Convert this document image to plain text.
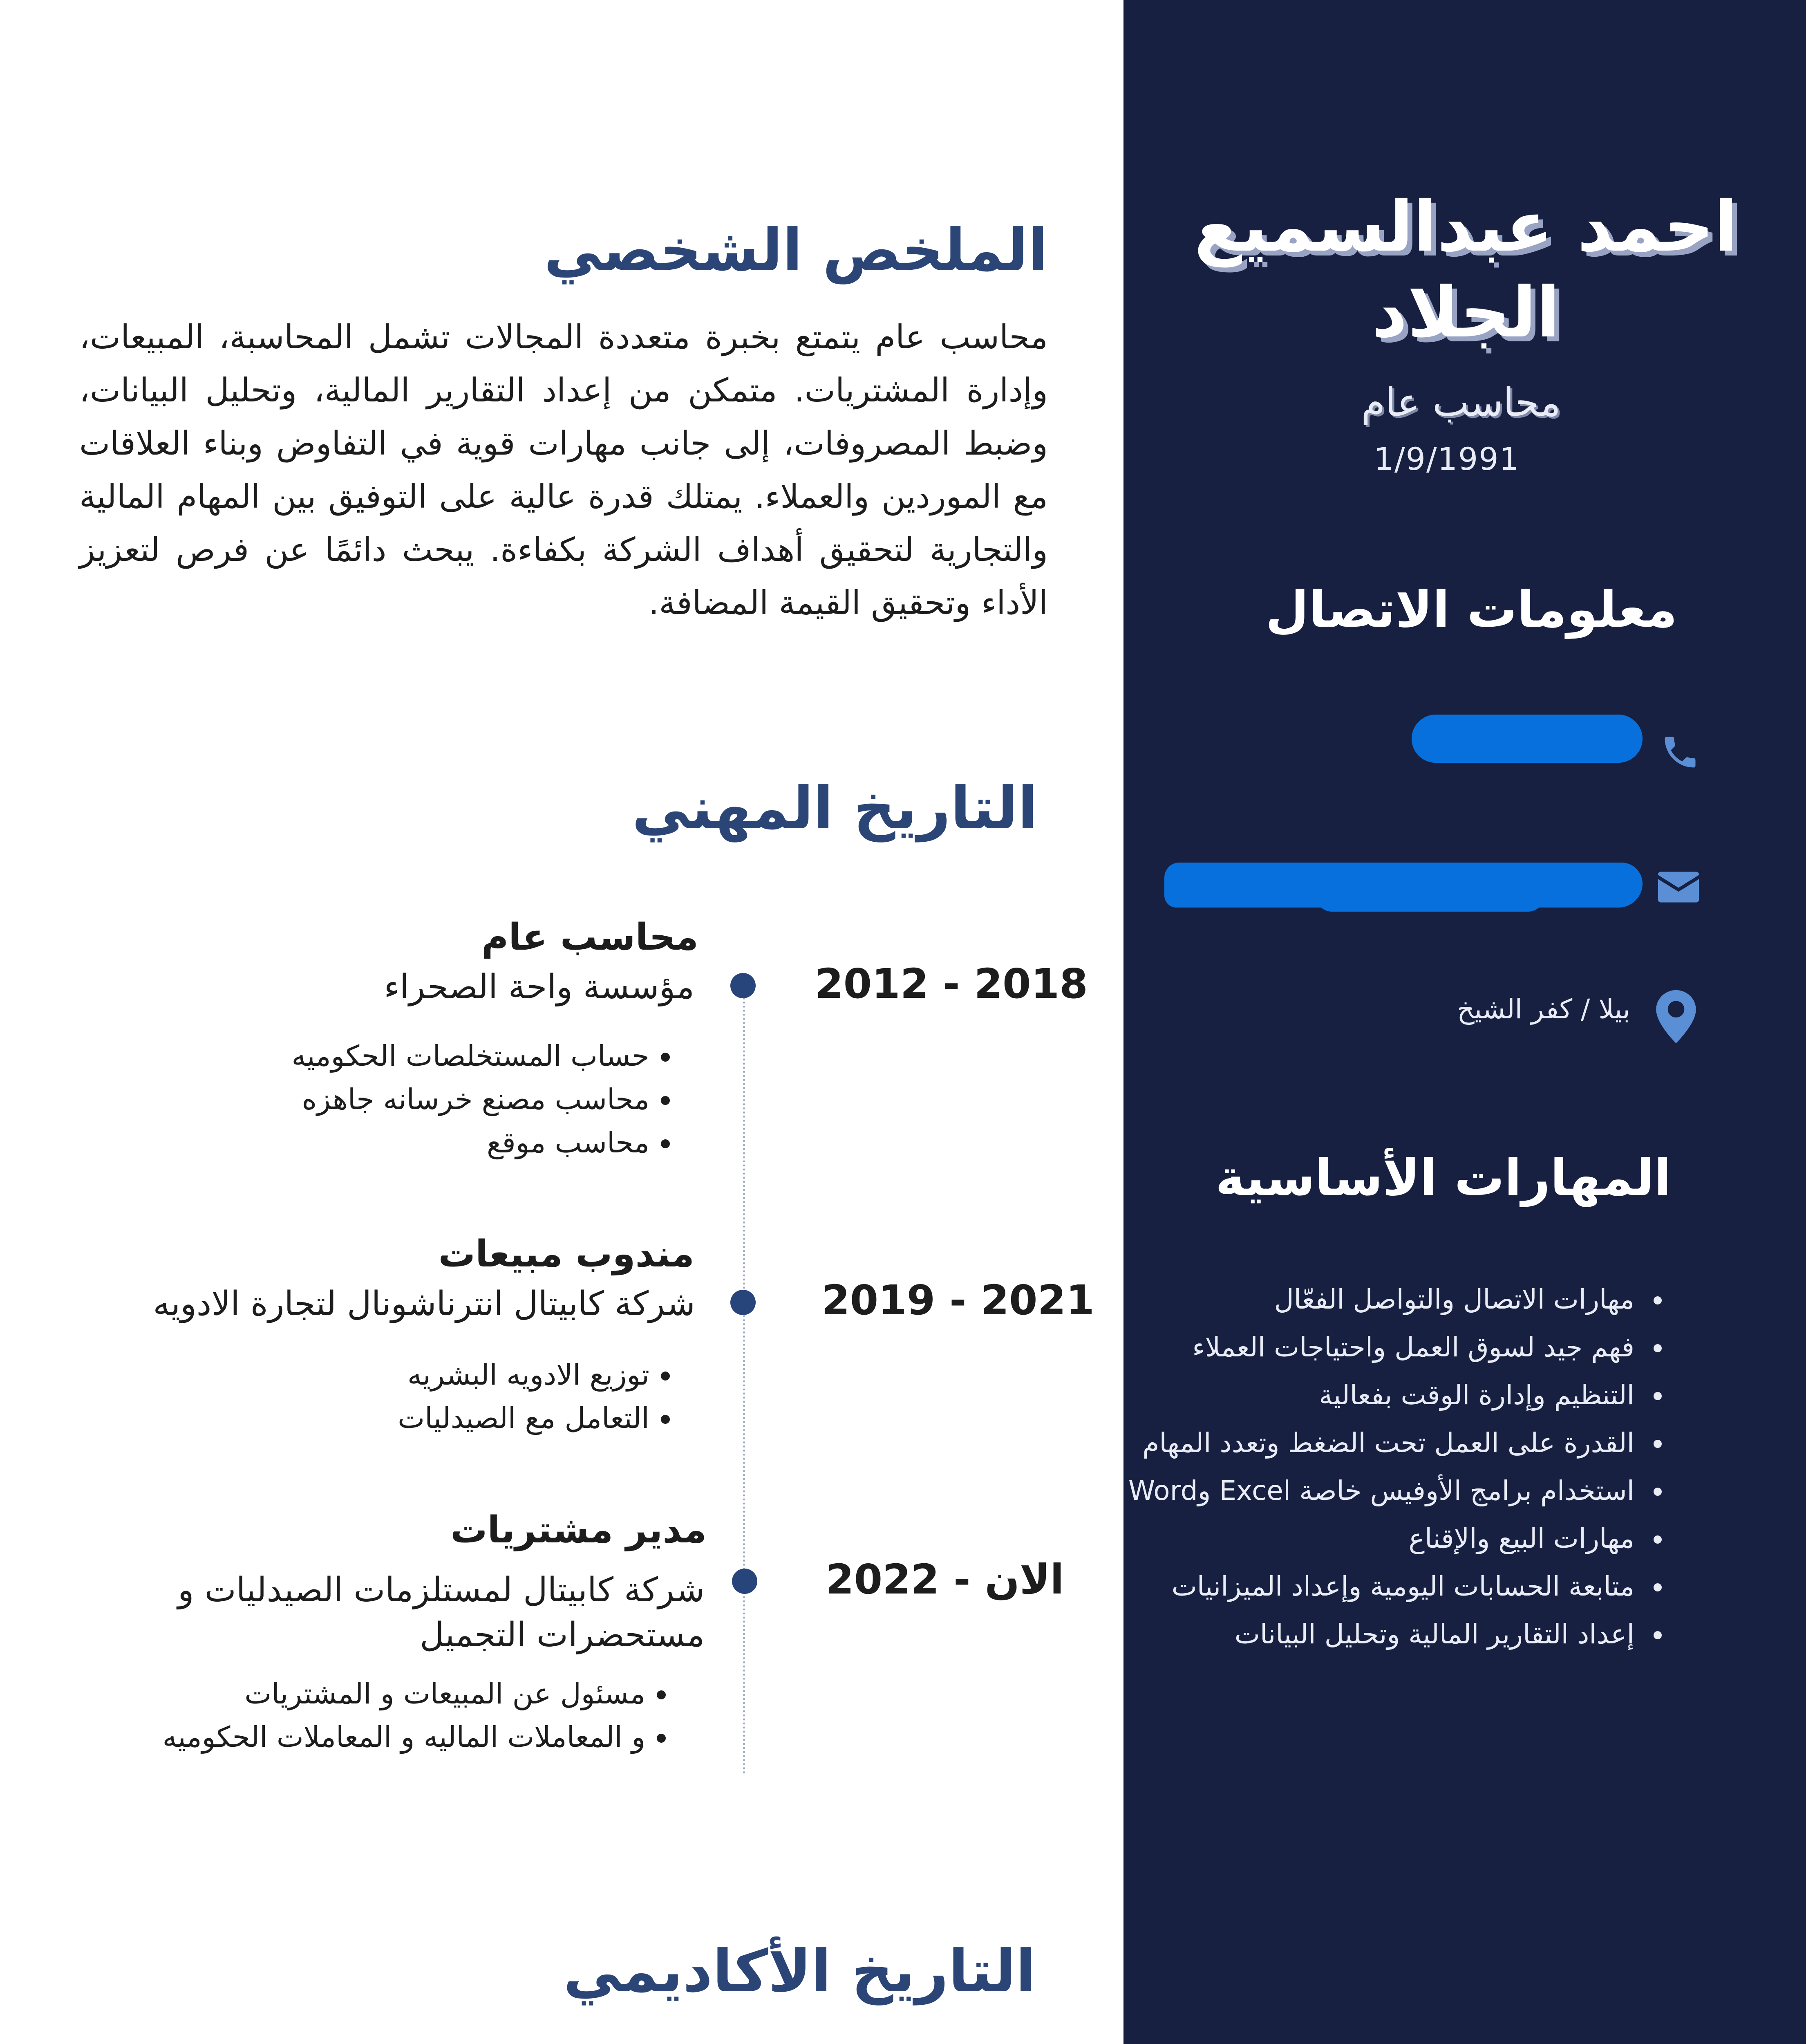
احمد عبدالسميع الجلاد
محاسب عام
1/9/1991
معلومات الاتصال
بيلا / كفر الشيخ
المهارات الأساسية
• مهارات الاتصال والتواصل الفعّال
• فهم جيد لسوق العمل واحتياجات العملاء
• التنظيم وإدارة الوقت بفعالية
• القدرة على العمل تحت الضغط وتعدد المهام
• استخدام برامج الأوفيس خاصة Excel وWord
• مهارات البيع والإقناع
• متابعة الحسابات اليومية وإعداد الميزانيات
• إعداد التقارير المالية وتحليل البيانات
الملخص الشخصي

محاسب عام يتمتع بخبرة متعددة المجالات تشمل المحاسبة، المبيعات، وإدارة المشتريات. متمكن من إعداد التقارير المالية، وتحليل البيانات، وضبط المصروفات، إلى جانب مهارات قوية في التفاوض وبناء العلاقات مع الموردين والعملاء. يمتلك قدرة عالية على التوفيق بين المهام المالية والتجارية لتحقيق أهداف الشركة بكفاءة. يبحث دائمًا عن فرص لتعزيز الأداء وتحقيق القيمة المضافة.

التاريخ المهني
2012 - 2018
محاسب عام
مؤسسة واحة الصحراء
• حساب المستخلصات الحكوميه
• محاسب مصنع خرسانه جاهزه
• محاسب موقع
2019 - 2021
مندوب مبيعات
شركة كابيتال انترناشونال لتجارة الادويه
• توزيع الادويه البشريه
• التعامل مع الصيدليات
2022 - الان
مدير مشتريات
شركة كابيتال لمستلزمات الصيدليات و مستحضرات التجميل
• مسئول عن المبيعات و المشتريات
• و المعاملات الماليه و المعاملات الحكوميه
التاريخ الأكاديمي
